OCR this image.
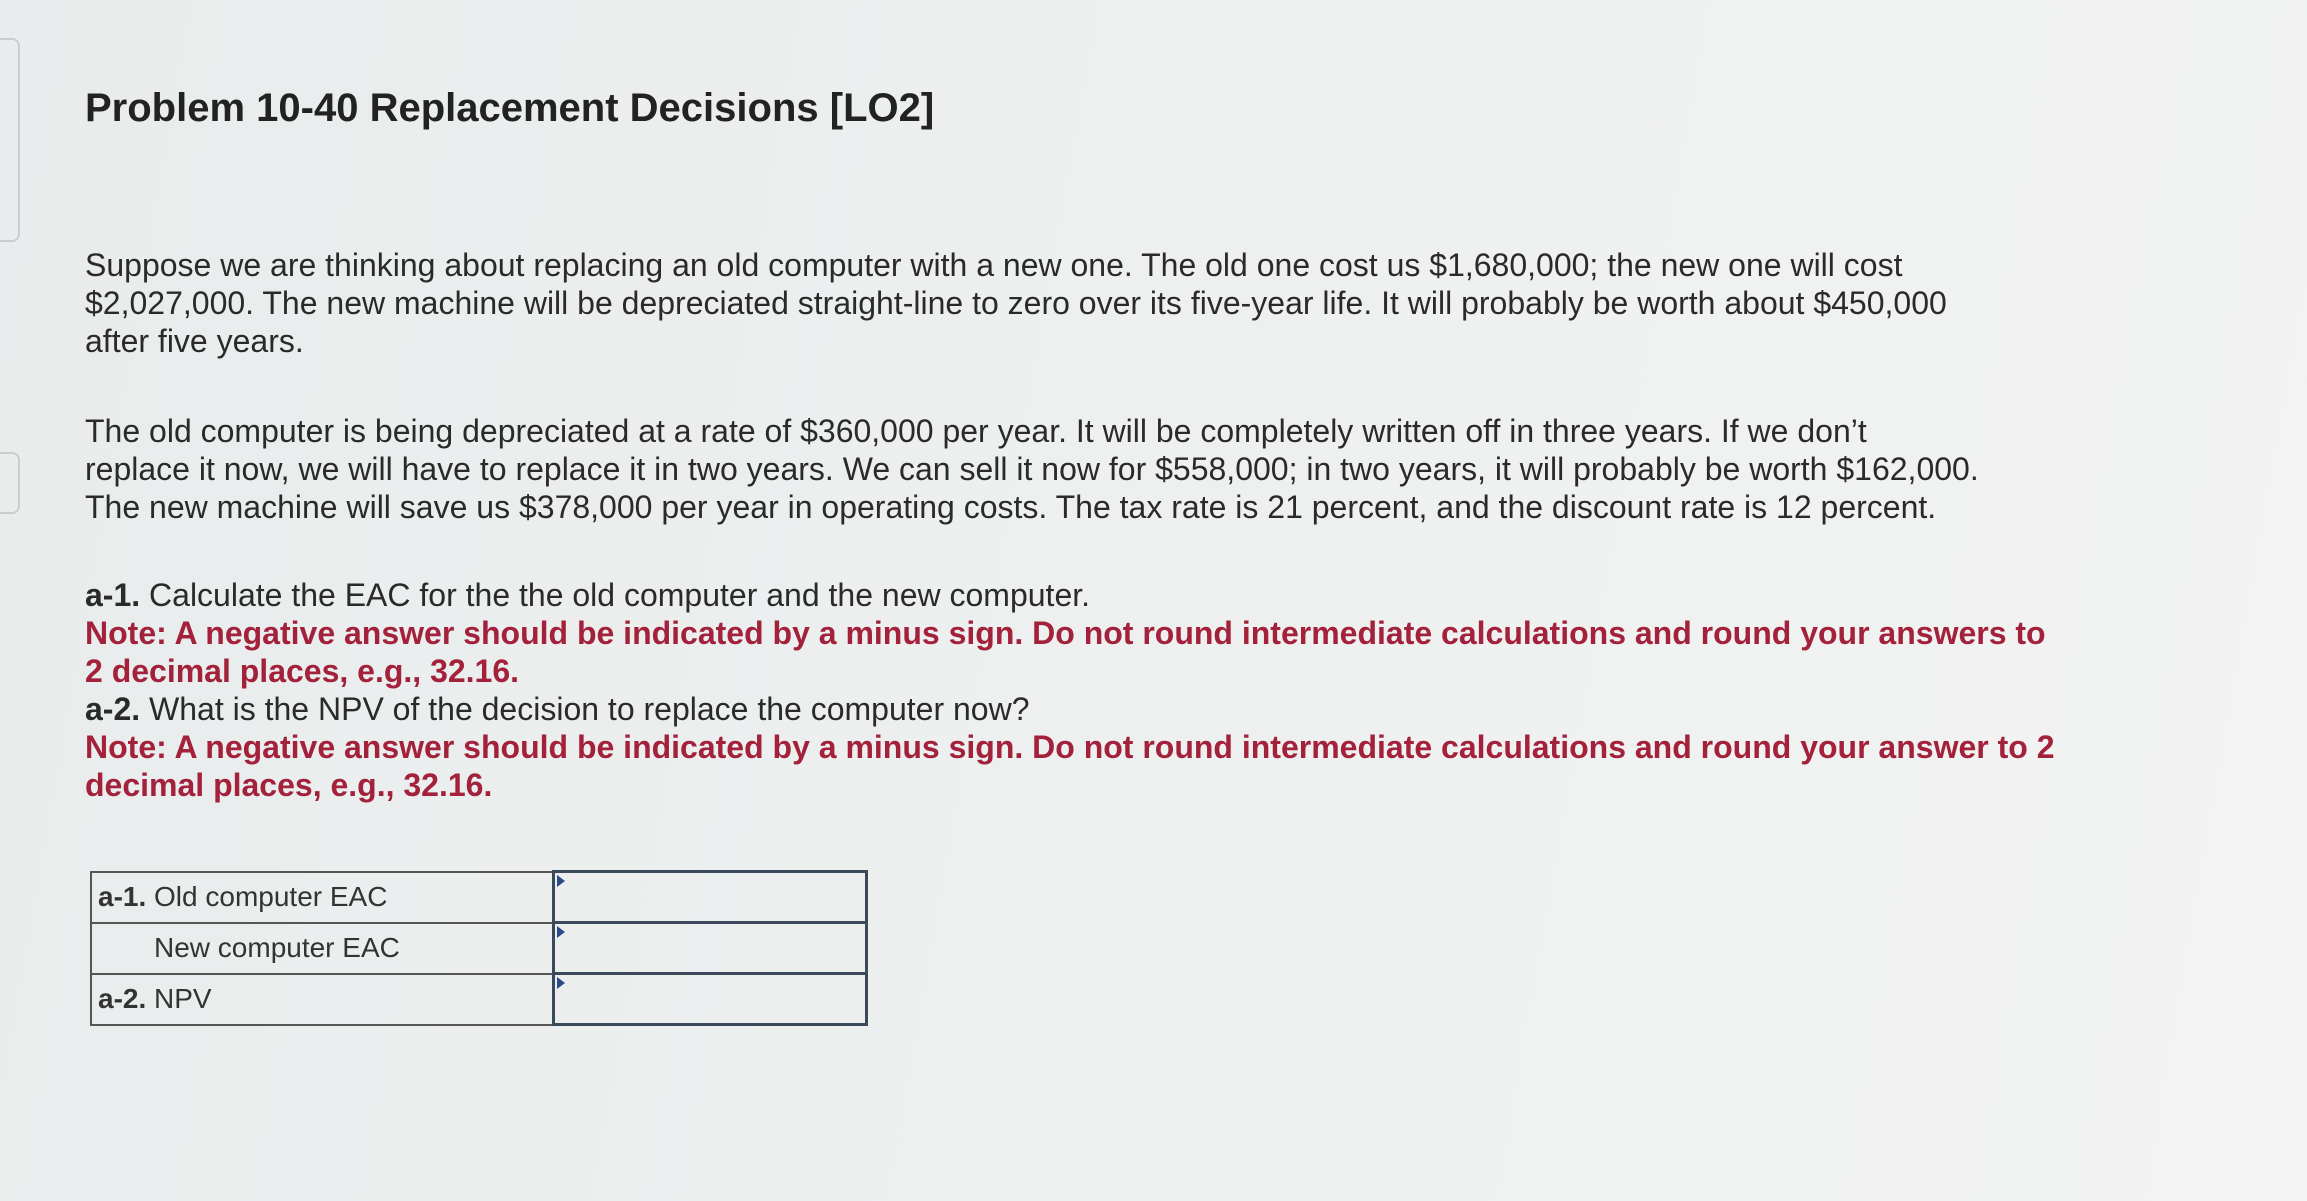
Problem 10-40 Replacement Decisions [LO2]
Suppose we are thinking about replacing an old computer with a new one. The old one cost us $1,680,000; the new one will cost
$2,027,000. The new machine will be depreciated straight-line to zero over its five-year life. It will probably be worth about $450,000
after five years.
The old computer is being depreciated at a rate of $360,000 per year. It will be completely written off in three years. If we don’t
replace it now, we will have to replace it in two years. We can sell it now for $558,000; in two years, it will probably be worth $162,000.
The new machine will save us $378,000 per year in operating costs. The tax rate is 21 percent, and the discount rate is 12 percent.
a-1. Calculate the EAC for the the old computer and the new computer.
Note: A negative answer should be indicated by a minus sign. Do not round intermediate calculations and round your answers to
2 decimal places, e.g., 32.16.
a-2. What is the NPV of the decision to replace the computer now?
Note: A negative answer should be indicated by a minus sign. Do not round intermediate calculations and round your answer to 2
decimal places, e.g., 32.16.
a-1. Old computer EAC	

New computer EAC	

a-2. NPV	
